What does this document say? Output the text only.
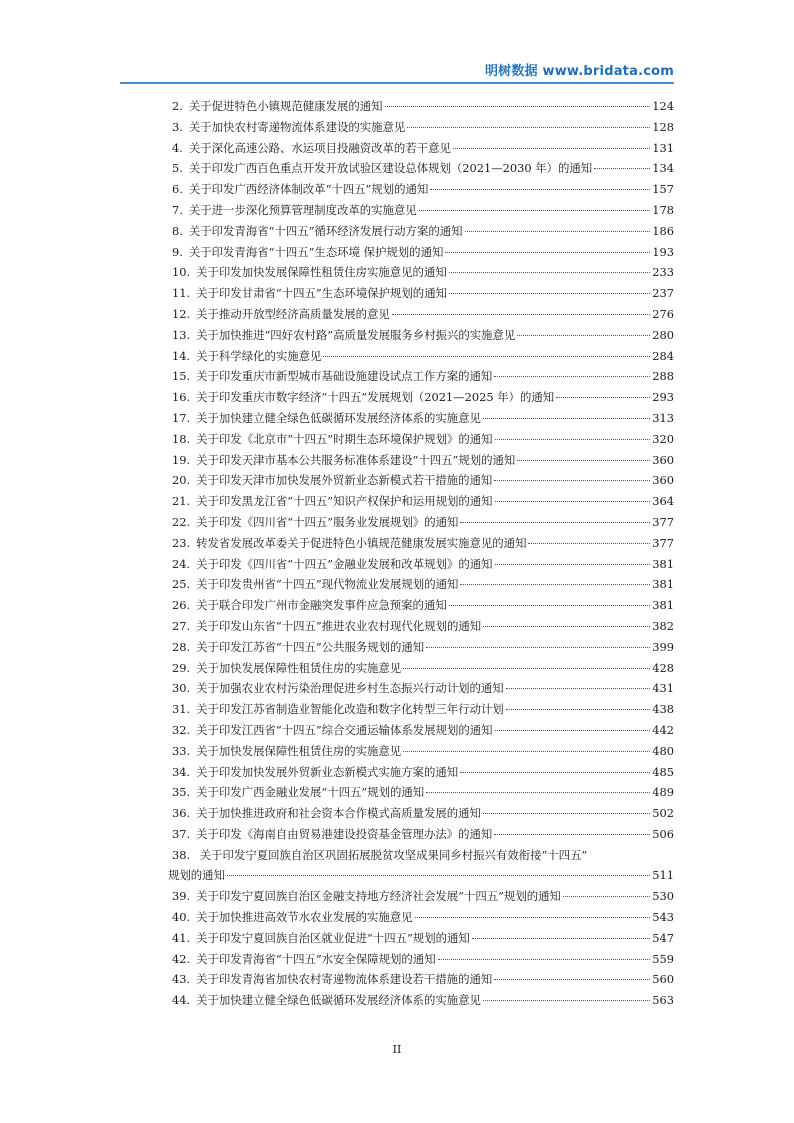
明树数据 www.bridata.com
2. 关于促进特色小镇规范健康发展的通知	124
3. 关于加快农村寄递物流体系建设的实施意见	128
4. 关于深化高速公路、水运项目投融资改革的若干意见	131
5. 关于印发广西百色重点开发开放试验区建设总体规划（2021—2030 年）的通知	134
6. 关于印发广西经济体制改革“十四五”规划的通知	157
7. 关于进一步深化预算管理制度改革的实施意见	178
8. 关于印发青海省“十四五”循环经济发展行动方案的通知	186
9. 关于印发青海省“十四五”生态环境 保护规划的通知	193
10. 关于印发加快发展保障性租赁住房实施意见的通知	233
11. 关于印发甘肃省“十四五”生态环境保护规划的通知	237
12. 关于推动开放型经济高质量发展的意见	276
13. 关于加快推进“四好农村路”高质量发展服务乡村振兴的实施意见	280
14. 关于科学绿化的实施意见	284
15. 关于印发重庆市新型城市基础设施建设试点工作方案的通知	288
16. 关于印发重庆市数字经济“十四五”发展规划（2021—2025 年）的通知	293
17. 关于加快建立健全绿色低碳循环发展经济体系的实施意见	313
18. 关于印发《北京市“十四五”时期生态环境保护规划》的通知	320
19. 关于印发天津市基本公共服务标准体系建设“十四五”规划的通知	360
20. 关于印发天津市加快发展外贸新业态新模式若干措施的通知	360
21. 关于印发黑龙江省“十四五”知识产权保护和运用规划的通知	364
22. 关于印发《四川省“十四五”服务业发展规划》的通知	377
23. 转发省发展改革委关于促进特色小镇规范健康发展实施意见的通知	377
24. 关于印发《四川省“十四五”金融业发展和改革规划》的通知	381
25. 关于印发贵州省“十四五”现代物流业发展规划的通知	381
26. 关于联合印发广州市金融突发事件应急预案的通知	381
27. 关于印发山东省“十四五”推进农业农村现代化规划的通知	382
28. 关于印发江苏省“十四五”公共服务规划的通知	399
29. 关于加快发展保障性租赁住房的实施意见	428
30. 关于加强农业农村污染治理促进乡村生态振兴行动计划的通知	431
31. 关于印发江苏省制造业智能化改造和数字化转型三年行动计划	438
32. 关于印发江西省“十四五”综合交通运输体系发展规划的通知	442
33. 关于加快发展保障性租赁住房的实施意见	480
34. 关于印发加快发展外贸新业态新模式实施方案的通知	485
35. 关于印发广西金融业发展“十四五”规划的通知	489
36. 关于加快推进政府和社会资本合作模式高质量发展的通知	502
37. 关于印发《海南自由贸易港建设投资基金管理办法》的通知	506
38. 关于印发宁夏回族自治区巩固拓展脱贫攻坚成果同乡村振兴有效衔接“十四五”
规划的通知	511
39. 关于印发宁夏回族自治区金融支持地方经济社会发展“十四五”规划的通知	530
40. 关于加快推进高效节水农业发展的实施意见	543
41. 关于印发宁夏回族自治区就业促进“十四五”规划的通知	547
42. 关于印发青海省“十四五”水安全保障规划的通知	559
43. 关于印发青海省加快农村寄递物流体系建设若干措施的通知	560
44. 关于加快建立健全绿色低碳循环发展经济体系的实施意见	563
II
